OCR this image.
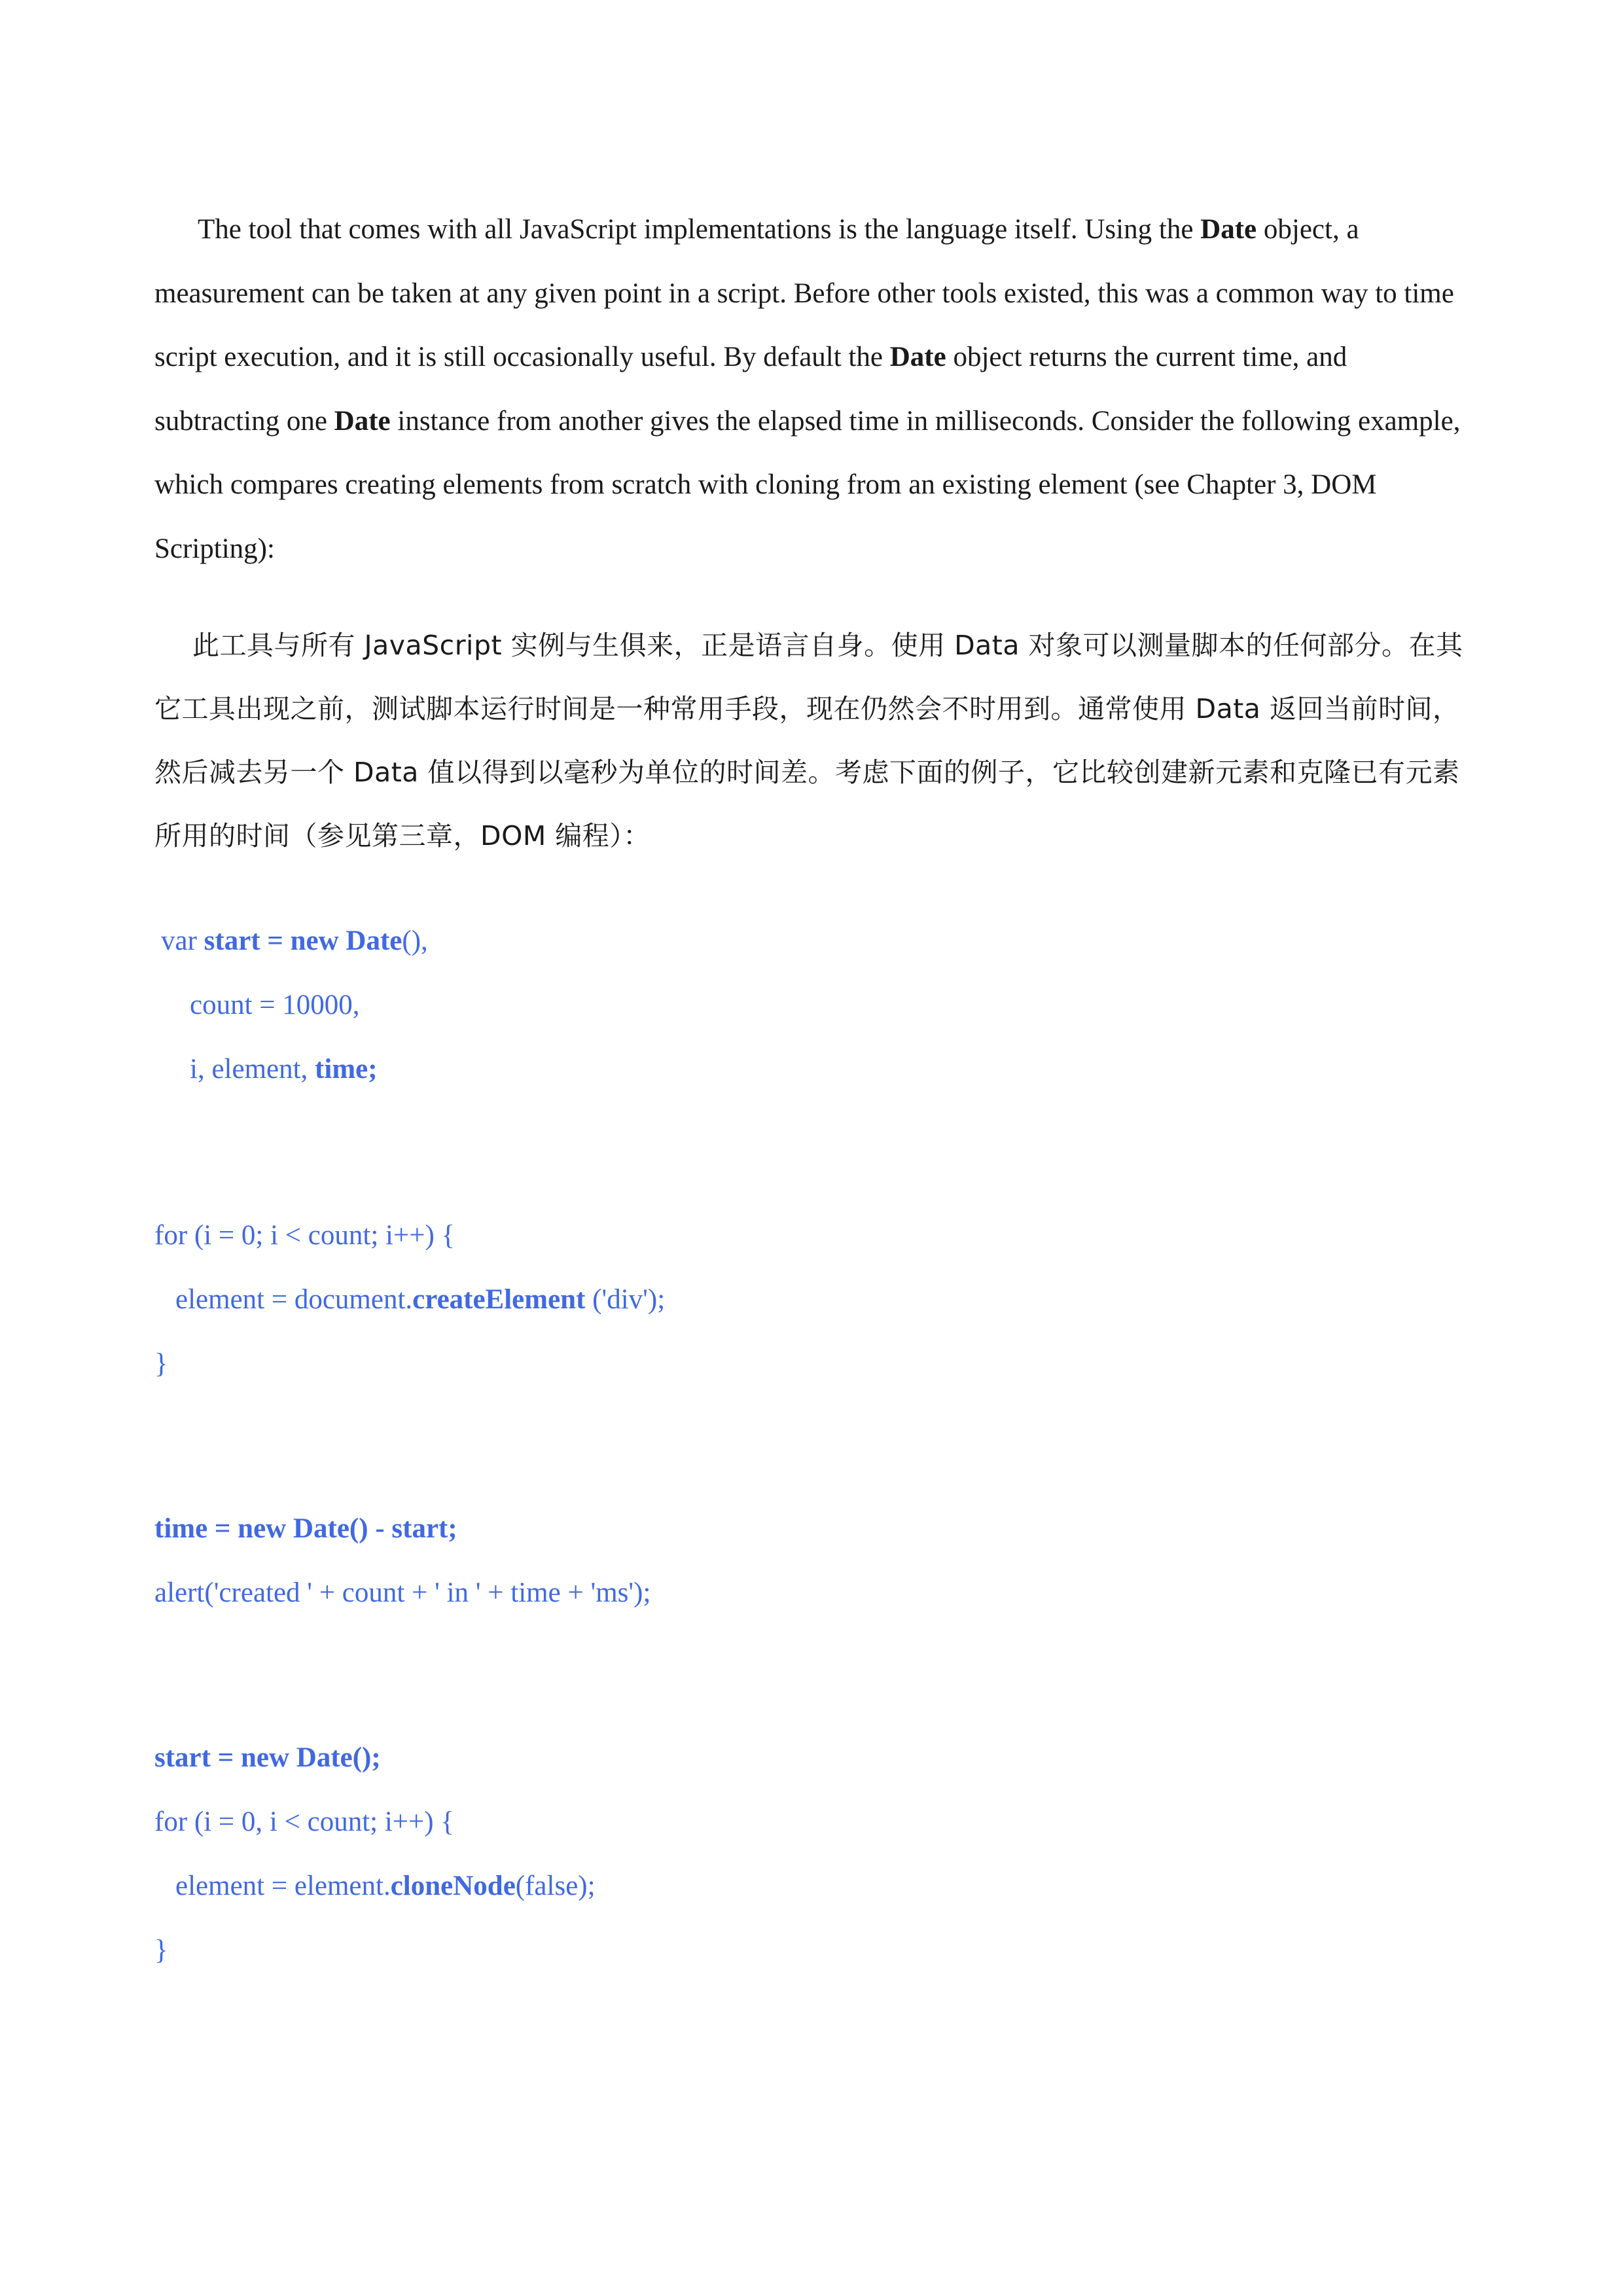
The tool that comes with all JavaScript implementations is the language itself. Using the Date object, a measurement can be taken at any given point in a script. Before other tools existed, this was a common way to time script execution, and it is still occasionally useful. By default the Date object returns the current time, and subtracting one Date instance from another gives the elapsed time in milliseconds. Consider the following example, which compares creating elements from scratch with cloning from an existing element (see Chapter 3, DOM Scripting):

此工具与所有 JavaScript 实例与生俱来，正是语言自身。使用 Data 对象可以测量脚本的任何部分。在其它工具出现之前，测试脚本运行时间是一种常用手段，现在仍然会不时用到。通常使用 Data 返回当前时间，然后减去另一个 Data 值以得到以毫秒为单位的时间差。考虑下面的例子，它比较创建新元素和克隆已有元素所用的时间（参见第三章，DOM 编程）：

var start = new Date(),
count = 10000,
i, element, time;
for (i = 0; i < count; i++) {
element = document.createElement ('div');
}
time = new Date() - start;
alert('created ' + count + ' in ' + time + 'ms');
start = new Date();
for (i = 0, i < count; i++) {
element = element.cloneNode(false);
}
